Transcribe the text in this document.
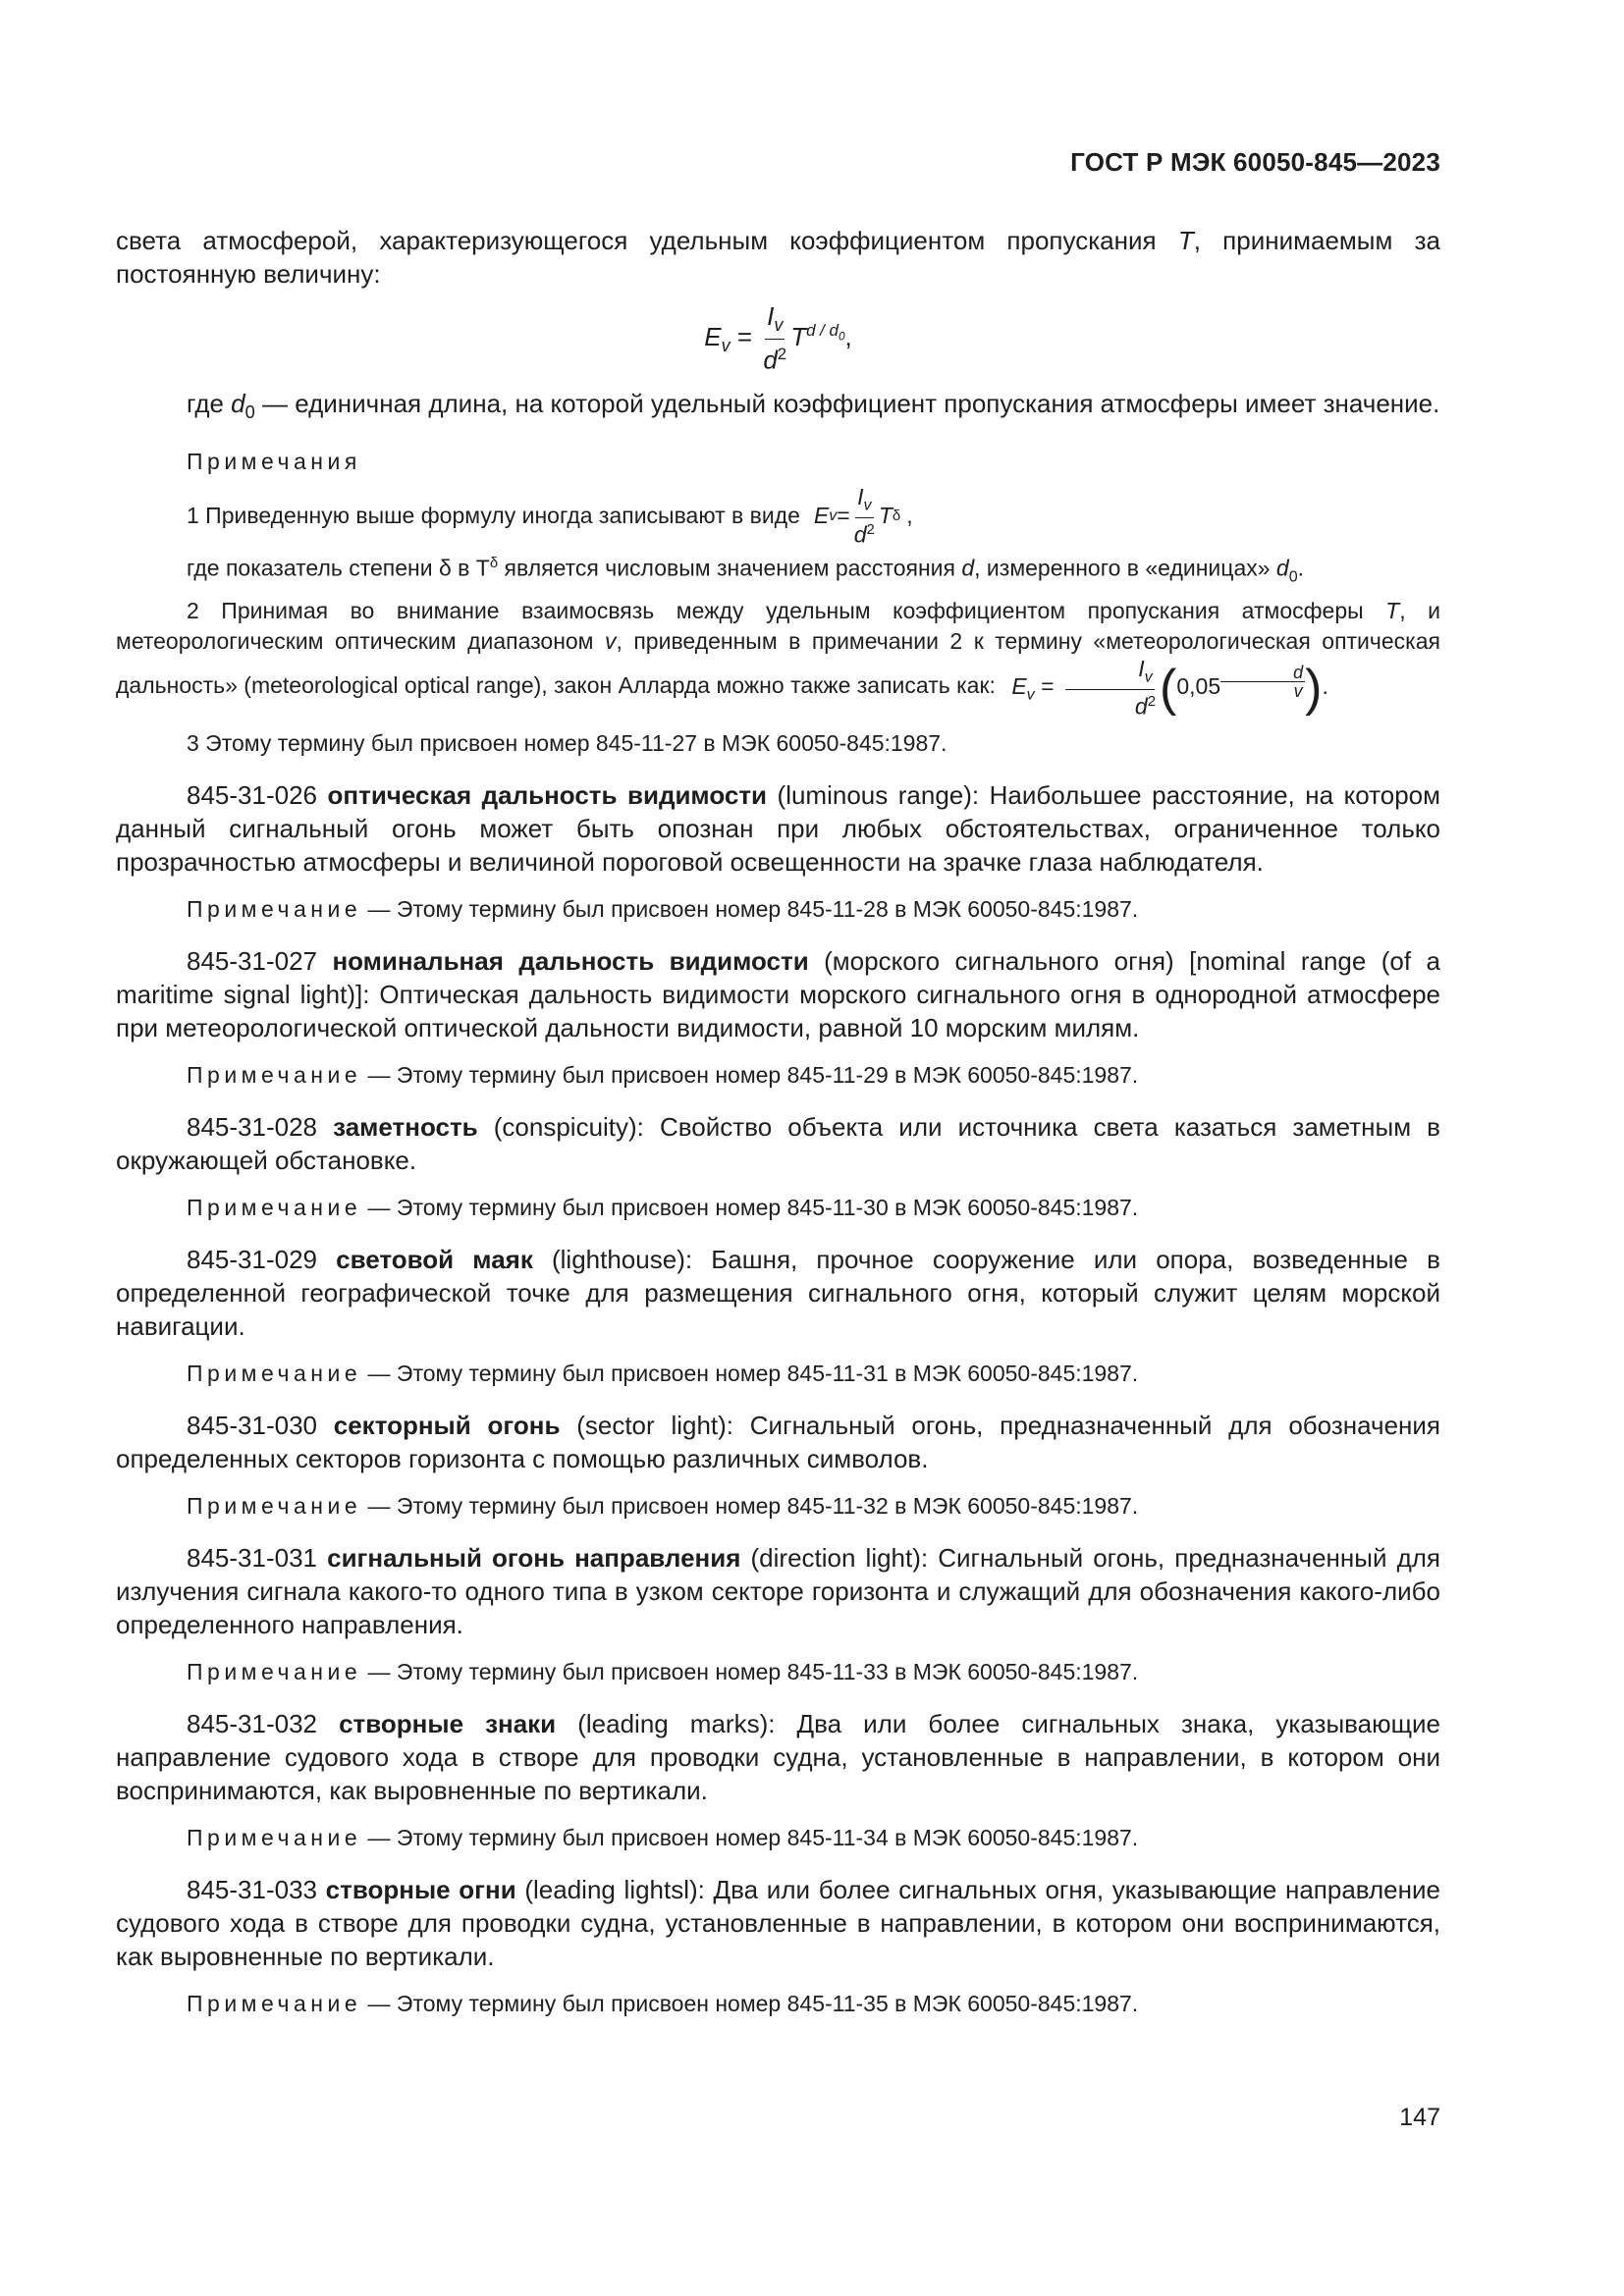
ГОСТ Р МЭК 60050-845—2023

света атмосферой, характеризующегося удельным коэффициентом пропускания T, принимаемым за постоянную величину:

$E_v = \frac{I_v}{d^2} T^{d / d_0}$,

где $d_0$ — единичная длина, на которой удельный коэффициент пропускания атмосферы имеет значение.

Примечания
1 Приведенную выше формулу иногда записывают в виде E $v = \frac{I_v}{d^2}$ T δ ,

где показатель степени δ в $T^\delta$ является числовым значением расстояния d, измеренного в «единицах» $d_0$.

2 Принимая во внимание взаимосвязь между удельным коэффициентом пропускания атмосферы T, и метеорологическим оптическим диапазоном v, приведенным в примечании 2 к термину «метеорологическая оптическая дальность» (meteorological optical range), закон Алларда можно также записать как: $E_v = \frac{I_v}{d^2} (0,05$ $^{\frac{d}{v}}$ ).

3 Этому термину был присвоен номер 845-11-27 в МЭК 60050-845:1987.

845-31-026 оптическая дальность видимости (luminous range): Наибольшее расстояние, на котором данный сигнальный огонь может быть опознан при любых обстоятельствах, ограниченное только прозрачностью атмосферы и величиной пороговой освещенности на зрачке глаза наблюдателя.

Примечание — Этому термину был присвоен номер 845-11-28 в МЭК 60050-845:1987.

845-31-027 номинальная дальность видимости (морского сигнального огня) [nominal range (of a maritime signal light)]: Оптическая дальность видимости морского сигнального огня в однородной атмосфере при метеорологической оптической дальности видимости, равной 10 морским милям.

Примечание — Этому термину был присвоен номер 845-11-29 в МЭК 60050-845:1987.

845-31-028 заметность (conspicuity): Свойство объекта или источника света казаться заметным в окружающей обстановке.

Примечание — Этому термину был присвоен номер 845-11-30 в МЭК 60050-845:1987.

845-31-029 световой маяк (lighthouse): Башня, прочное сооружение или опора, возведенные в определенной географической точке для размещения сигнального огня, который служит целям морской навигации.

Примечание — Этому термину был присвоен номер 845-11-31 в МЭК 60050-845:1987.

845-31-030 секторный огонь (sector light): Сигнальный огонь, предназначенный для обозначения определенных секторов горизонта с помощью различных символов.

Примечание — Этому термину был присвоен номер 845-11-32 в МЭК 60050-845:1987.

845-31-031 сигнальный огонь направления (direction light): Сигнальный огонь, предназначенный для излучения сигнала какого-то одного типа в узком секторе горизонта и служащий для обозначения какого-либо определенного направления.

Примечание — Этому термину был присвоен номер 845-11-33 в МЭК 60050-845:1987.

845-31-032 створные знаки (leading marks): Два или более сигнальных знака, указывающие направление судового хода в створе для проводки судна, установленные в направлении, в котором они воспринимаются, как выровненные по вертикали.

Примечание — Этому термину был присвоен номер 845-11-34 в МЭК 60050-845:1987.

845-31-033 створные огни (leading lightsl): Два или более сигнальных огня, указывающие направление судового хода в створе для проводки судна, установленные в направлении, в котором они воспринимаются, как выровненные по вертикали.

Примечание — Этому термину был присвоен номер 845-11-35 в МЭК 60050-845:1987.

147
